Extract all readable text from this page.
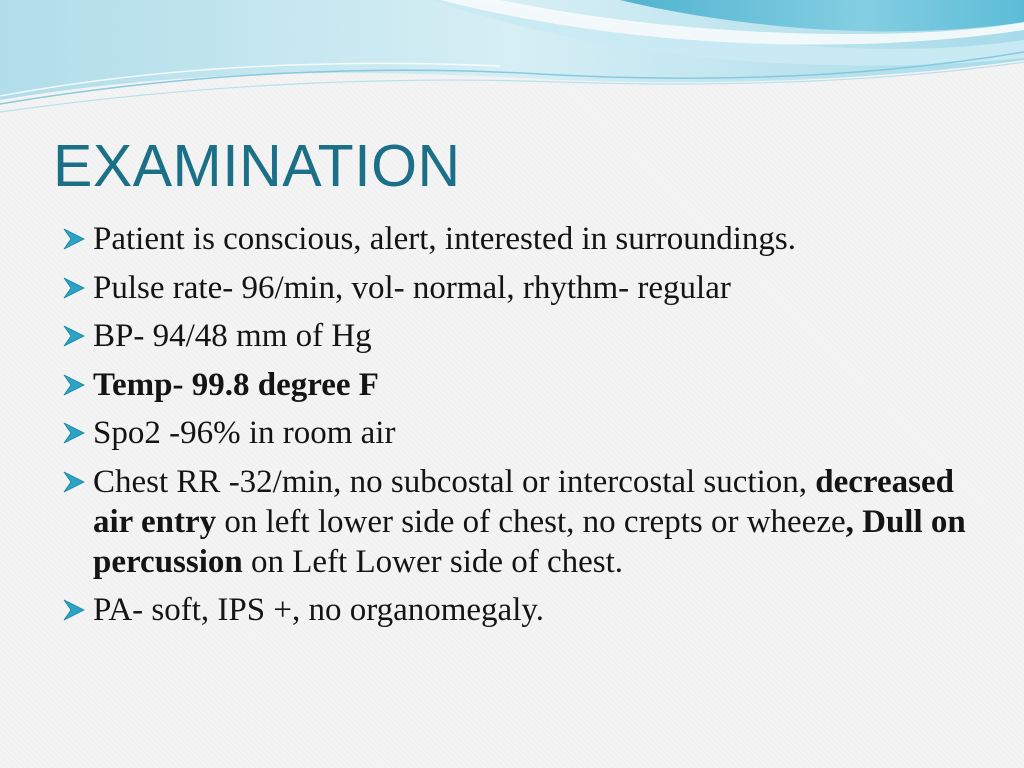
EXAMINATION
Patient is conscious, alert, interested in surroundings.
Pulse rate- 96/min, vol- normal, rhythm- regular
BP- 94/48 mm of Hg
Temp- 99.8 degree F
Spo2 -96% in room air
Chest RR -32/min, no subcostal or intercostal suction, decreased air entry on left lower side of chest, no crepts or wheeze, Dull on percussion on Left Lower side of chest.
PA- soft, IPS +, no organomegaly.
